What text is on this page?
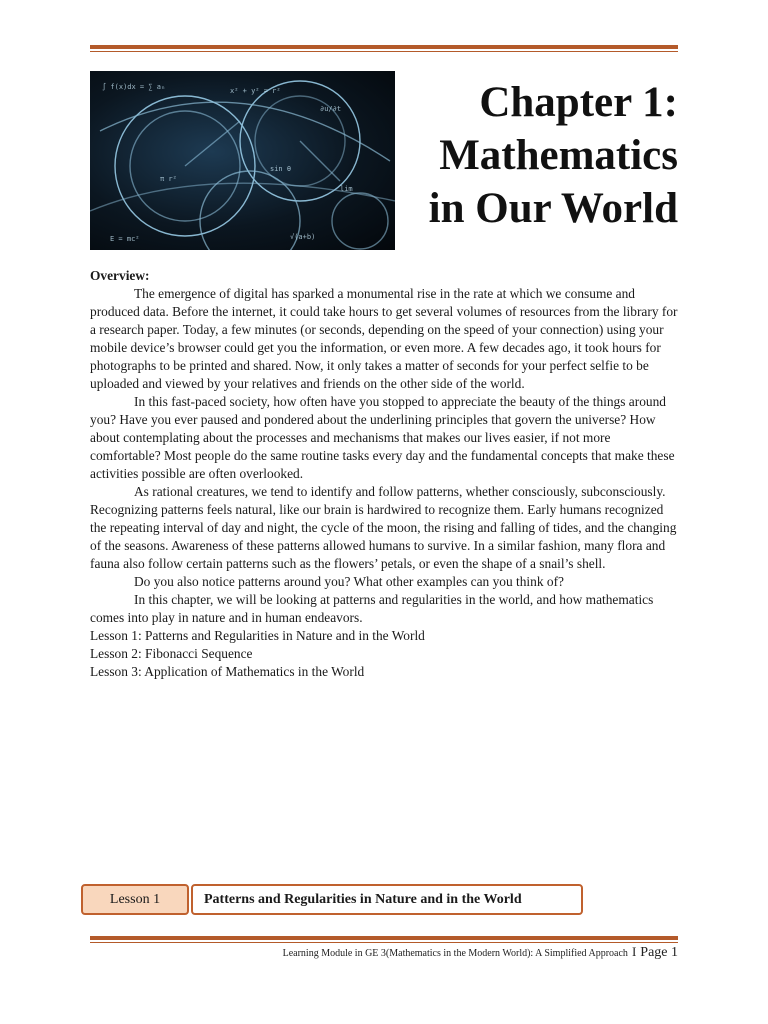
∫ f(x)dx = ∑ aₙ	x² + y² = r²
∂u/∂t
E = mc²	√(a+b)
π r²
sin θ
lim
Chapter 1:
Mathematics
in Our World
Overview:

The emergence of digital has sparked a monumental rise in the rate at which we consume and produced data. Before the internet, it could take hours to get several volumes of resources from the library for a research paper. Today, a few minutes (or seconds, depending on the speed of your connection) using your mobile device’s browser could get you the information, or even more. A few decades ago, it took hours for photographs to be printed and shared. Now, it only takes a matter of seconds for your perfect selfie to be uploaded and viewed by your relatives and friends on the other side of the world.

In this fast-paced society, how often have you stopped to appreciate the beauty of the things around you? Have you ever paused and pondered about the underlining principles that govern the universe? How about contemplating about the processes and mechanisms that makes our lives easier, if not more comfortable? Most people do the same routine tasks every day and the fundamental concepts that make these activities possible are often overlooked.

As rational creatures, we tend to identify and follow patterns, whether consciously, subconsciously. Recognizing patterns feels natural, like our brain is hardwired to recognize them. Early humans recognized the repeating interval of day and night, the cycle of the moon, the rising and falling of tides, and the changing of the seasons. Awareness of these patterns allowed humans to survive. In a similar fashion, many flora and fauna also follow certain patterns such as the flowers’ petals, or even the shape of a snail’s shell.

Do you also notice patterns around you? What other examples can you think of?

In this chapter, we will be looking at patterns and regularities in the world, and how mathematics comes into play in nature and in human endeavors.

Lesson 1: Patterns and Regularities in Nature and in the World

Lesson 2: Fibonacci Sequence

Lesson 3: Application of Mathematics in the World

Lesson 1	Patterns and Regularities in Nature and in the World
Learning Module in GE 3(Mathematics in the Modern World): A Simplified Approach I Page 1
